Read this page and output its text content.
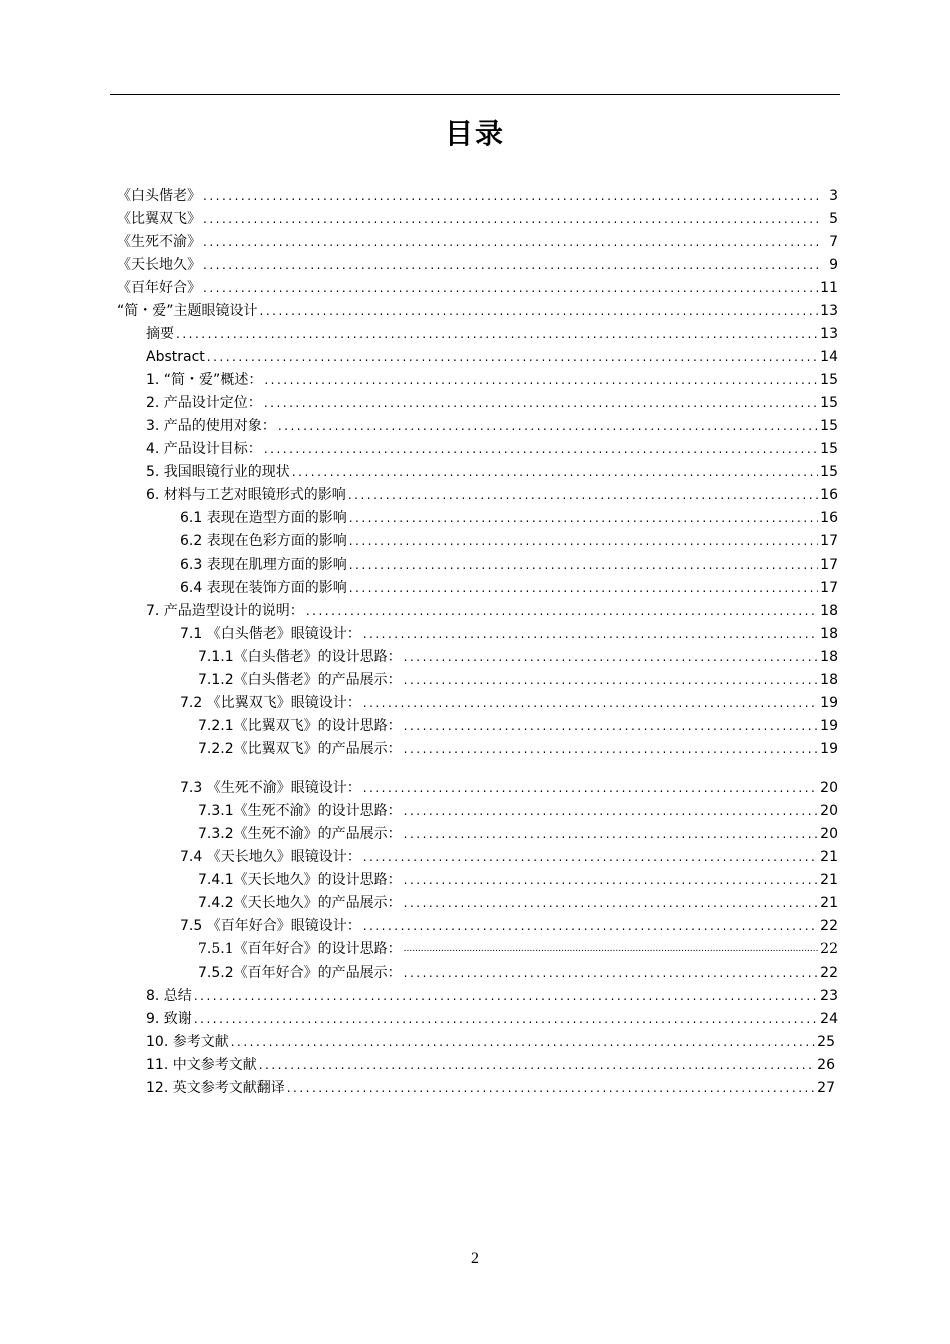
目录
《白头偕老》 .....	3
《比翼双飞》 .....	5
《生死不渝》 .....	7
《天长地久》 .....	9
《百年好合》 .....	11
“简・爱”主题眼镜设计 .....	13
摘要 .....	13
Abstract .....	14
1. “简・爱”概述： .....	15
2. 产品设计定位： .....	15
3. 产品的使用对象： .....	15
4. 产品设计目标： .....	15
5. 我国眼镜行业的现状 .....	15
6. 材料与工艺对眼镜形式的影响 .....	16
6.1 表现在造型方面的影响 .....	16
6.2 表现在色彩方面的影响 .....	17
6.3 表现在肌理方面的影响 .....	17
6.4 表现在装饰方面的影响 .....	17
7. 产品造型设计的说明： .....	18
7.1 《白头偕老》眼镜设计： .....	18
7.1.1《白头偕老》的设计思路： .....	18
7.1.2《白头偕老》的产品展示： .....	18
7.2 《比翼双飞》眼镜设计： .....	19
7.2.1《比翼双飞》的设计思路： .....	19
7.2.2《比翼双飞》的产品展示： .....	19
7.3 《生死不渝》眼镜设计： .....	20
7.3.1《生死不渝》的设计思路： .....	20
7.3.2《生死不渝》的产品展示： .....	20
7.4 《天长地久》眼镜设计： .....	21
7.4.1《天长地久》的设计思路： .....	21
7.4.2《天长地久》的产品展示： .....	21
7.5 《百年好合》眼镜设计： .....	22
7.5.1《百年好合》的设计思路： .....	22
7.5.2《百年好合》的产品展示： .....	22
8. 总结 .....	23
9. 致谢 .....	24
10. 参考文献 .....	25
11. 中文参考文献 .....	26
12. 英文参考文献翻译 .....	27
2
